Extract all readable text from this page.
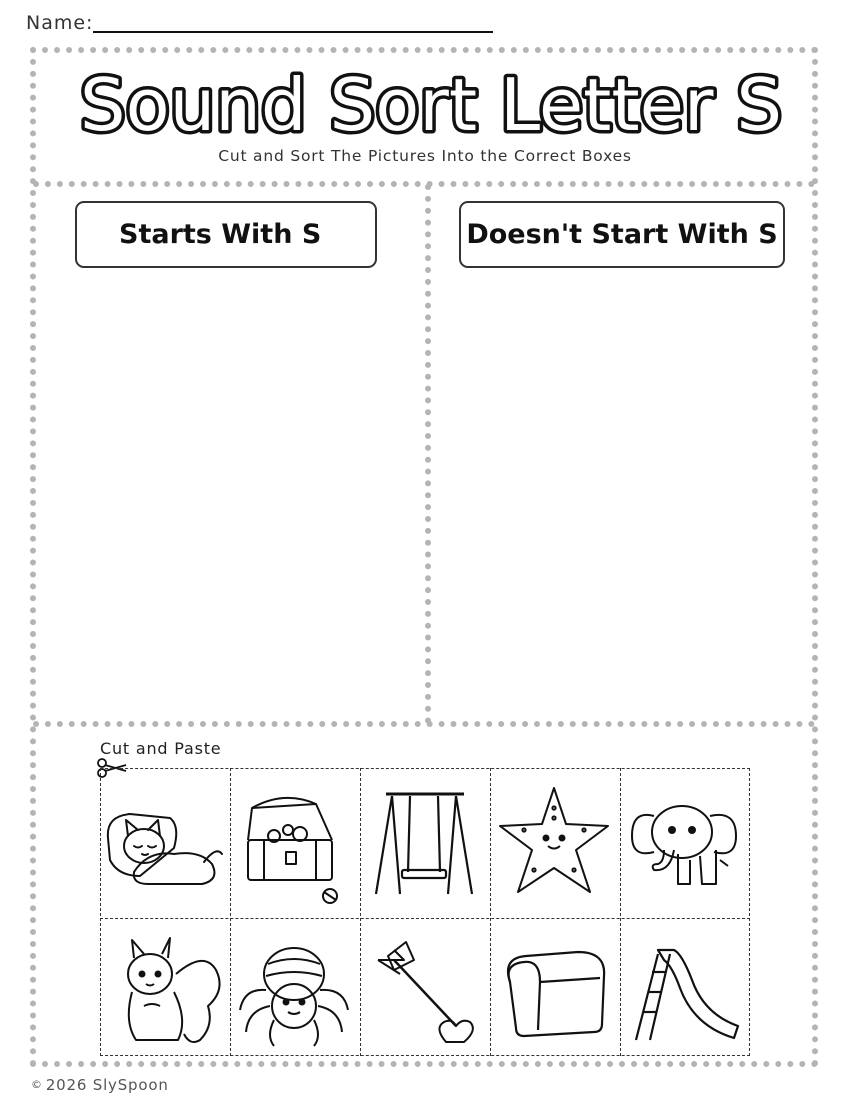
Name:
Sound Sort Letter S
Cut and Sort The Pictures Into the Correct Boxes
Starts With S	Doesn't Start With S
Cut and Paste
© 2026 SlySpoon
